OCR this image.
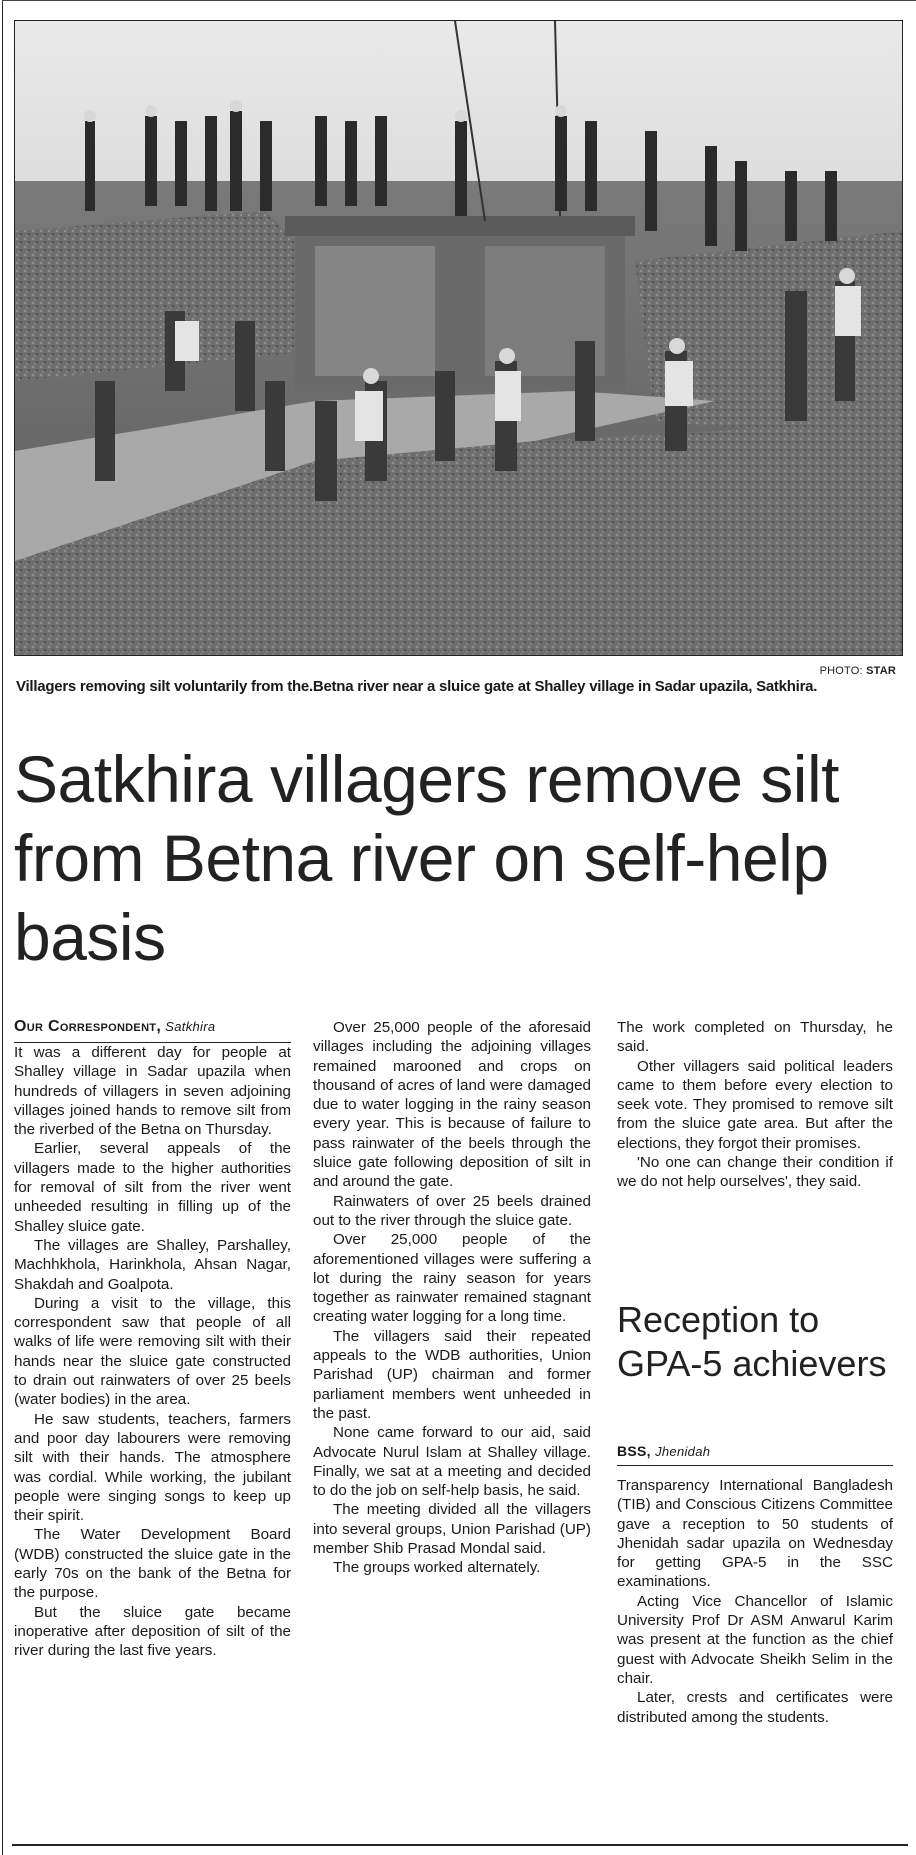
PHOTO: STAR
Villagers removing silt voluntarily from the.Betna river near a sluice gate at Shalley village in Sadar upazila, Satkhira.
Satkhira villagers remove silt from Betna river on self-help basis
Our Correspondent, Satkhira

It was a different day for people at Shalley village in Sadar upazila when hundreds of villagers in seven adjoining villages joined hands to remove silt from the riverbed of the Betna on Thursday.

Earlier, several appeals of the villagers made to the higher authorities for removal of silt from the river went unheeded resulting in filling up of the Shalley sluice gate.

The villages are Shalley, Parshalley, Machhkhola, Harinkhola, Ahsan Nagar, Shakdah and Goalpota.

During a visit to the village, this correspondent saw that people of all walks of life were removing silt with their hands near the sluice gate constructed to drain out rainwaters of over 25 beels (water bodies) in the area.

He saw students, teachers, farmers and poor day labourers were removing silt with their hands. The atmosphere was cordial. While working, the jubilant people were singing songs to keep up their spirit.

The Water Development Board (WDB) constructed the sluice gate in the early 70s on the bank of the Betna for the purpose.

But the sluice gate became inoperative after deposition of silt of the river during the last five years.

Over 25,000 people of the aforesaid villages including the adjoining villages remained marooned and crops on thousand of acres of land were damaged due to water logging in the rainy season every year. This is because of failure to pass rainwater of the beels through the sluice gate following deposition of silt in and around the gate.

Rainwaters of over 25 beels drained out to the river through the sluice gate.

Over 25,000 people of the aforementioned villages were suffering a lot during the rainy season for years together as rainwater remained stagnant creating water logging for a long time.

The villagers said their repeated appeals to the WDB authorities, Union Parishad (UP) chairman and former parliament members went unheeded in the past.

None came forward to our aid, said Advocate Nurul Islam at Shalley village. Finally, we sat at a meeting and decided to do the job on self-help basis, he said.

The meeting divided all the villagers into several groups, Union Parishad (UP) member Shib Prasad Mondal said.

The groups worked alternately.

The work completed on Thursday, he said.

Other villagers said political leaders came to them before every election to seek vote. They promised to remove silt from the sluice gate area. But after the elections, they forgot their promises.

'No one can change their condition if we do not help ourselves', they said.

Reception to GPA-5 achievers
BSS, Jhenidah

Transparency International Bangladesh (TIB) and Conscious Citizens Committee gave a reception to 50 students of Jhenidah sadar upazila on Wednesday for getting GPA-5 in the SSC examinations.

Acting Vice Chancellor of Islamic University Prof Dr ASM Anwarul Karim was present at the function as the chief guest with Advocate Sheikh Selim in the chair.

Later, crests and certificates were distributed among the students.
